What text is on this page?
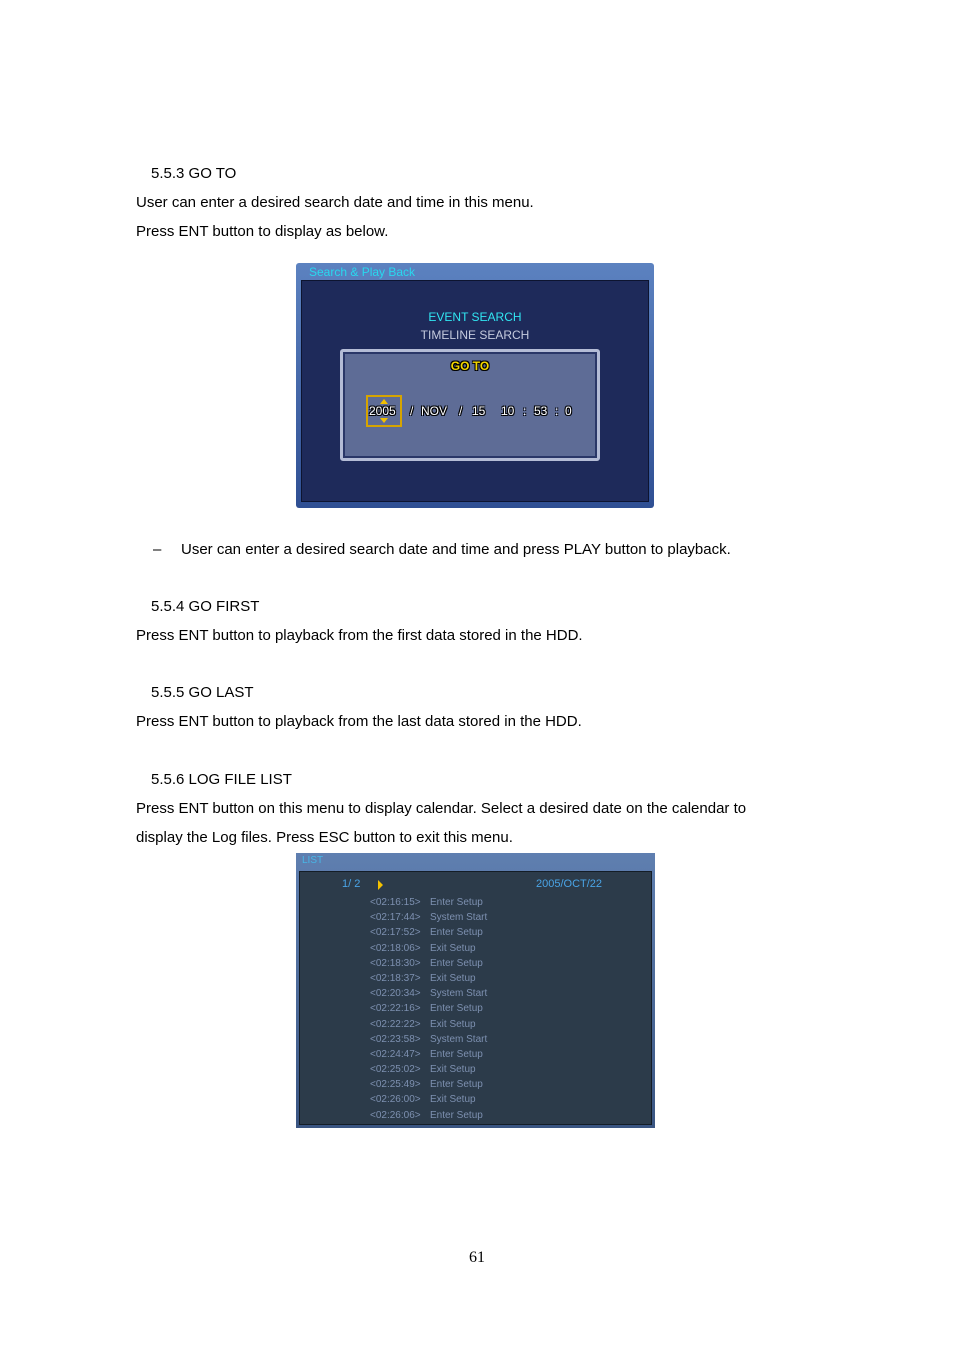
5.5.3 GO TO
User can enter a desired search date and time in this menu.
Press ENT button to display as below.
Search & Play Back
EVENT SEARCH
TIMELINE SEARCH
GO TO
2005 / NOV / 15 10 : 53 : 0
– User can enter a desired search date and time and press PLAY button to playback.
5.5.4 GO FIRST
Press ENT button to playback from the first data stored in the HDD.
5.5.5 GO LAST
Press ENT button to playback from the last data stored in the HDD.
5.5.6 LOG FILE LIST
Press ENT button on this menu to display calendar. Select a desired date on the calendar to
display the Log files. Press ESC button to exit this menu.
LIST
1/ 2	2005/OCT/22
<02:16:15> Enter Setup
<02:17:44> System Start
<02:17:52> Enter Setup
<02:18:06> Exit Setup
<02:18:30> Enter Setup
<02:18:37> Exit Setup
<02:20:34> System Start
<02:22:16> Enter Setup
<02:22:22> Exit Setup
<02:23:58> System Start
<02:24:47> Enter Setup
<02:25:02> Exit Setup
<02:25:49> Enter Setup
<02:26:00> Exit Setup
<02:26:06> Enter Setup
61
